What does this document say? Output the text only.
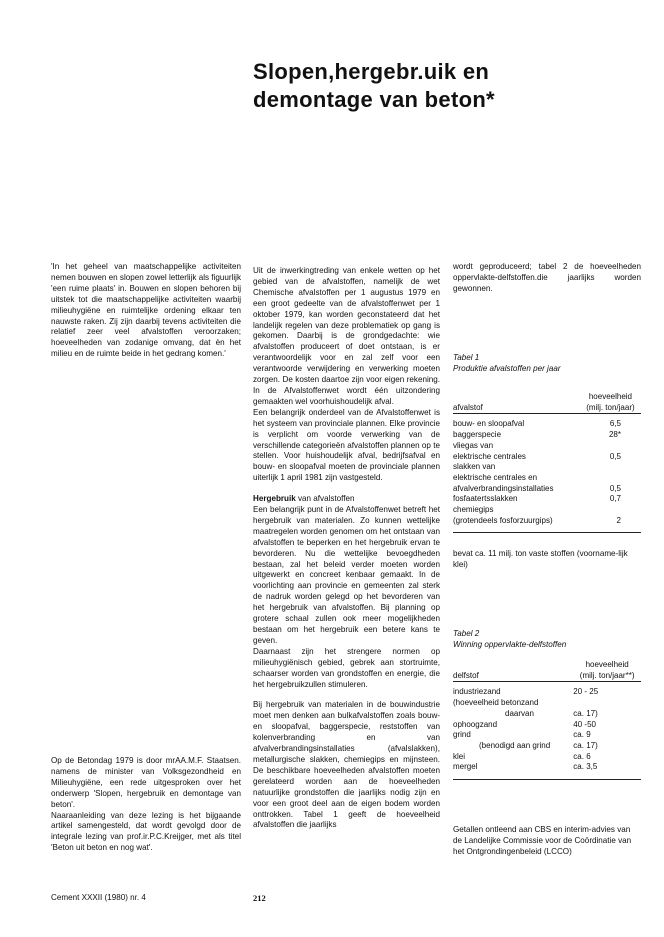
Slopen,hergebr.uik en
demontage van beton*

'In het geheel van maatschappelijke activiteiten nemen bouwen en slopen zowel letterlijk als figuurlijk 'een ruime plaats' in. Bouwen en slopen behoren bij uitstek tot die maatschappelijke activiteiten waarbij milieuhygiëne en ruimtelijke ordening elkaar ten nauwste raken. Zij zijn daarbij tevens activiteiten die relatief zeer veel afvalstoffen veroorzaken; hoeveelheden van zodanige omvang, dat èn het milieu en de ruimte beide in het gedrang komen.'

Op de Betondag 1979 is door mrAA.M.F. Staatsen. namens de minister van Volksgezondheid en Milieuhygiëne, een rede uitgesproken over het onderwerp 'Slopen, hergebruik en demontage van beton'.
Naaraanleiding van deze lezing is het bijgaande artikel samengesteld, dat wordt gevolgd door de integrale lezing van prof.ir.P.C.Kreijger, met als titel 'Beton uit beton en nog wat'.

Uit de inwerkingtreding van enkele wetten op het gebied van de afvalstoffen, namelijk de wet Chemische afvalstoffen per 1 augustus 1979 en een groot gedeelte van de afvalstoffenwet per 1 oktober 1979, kan worden geconstateerd dat het landelijk regelen van deze problematiek op gang is gekomen. Daarbij is de grondgedachte: wie afvalstoffen produceert of doet ontstaan, is er verantwoordelijk voor en zal zelf voor een verantwoorde verwijdering en verwerking moeten zorgen. De kosten daartoe zijn voor eigen rekening. In de Afvalstoffenwet wordt één uitzondering gemaakten wel voorhuishoudelijk afval.
Een belangrijk onderdeel van de Afvalstoffenwet is het systeem van provinciale plannen. Elke provincie is verplicht om voorde verwerking van de verschillende categorieën afvalstoffen plannen op te stellen. Voor huishoudelijk afval, bedrijfsafval en bouw- en sloopafval moeten de provinciale plannen uiterlijk 1 april 1981 zijn vastgesteld.

Hergebruik van afvalstoffen

Een belangrijk punt in de Afvalstoffenwet betreft het hergebruik van materialen. Zo kunnen wettelijke maatregelen worden genomen om het ontstaan van afvalstoffen te beperken en het hergebruik ervan te bevorderen. Nu die wettelijke bevoegdheden bestaan, zal het beleid verder moeten worden uitgewerkt en concreet kenbaar gemaakt. In de voorlichting aan provincie en gemeenten zal sterk de nadruk worden gelegd op het bevorderen van het hergebruik van afvalstoffen. Bij planning op grotere schaal zullen ook meer mogelijkheden bestaan om het hergebruik een betere kans te geven.
Daarnaast zijn het strengere normen op milieuhygiënisch gebied, gebrek aan stortruimte, schaarser worden van grondstoffen en energie, die het hergebruikzullen stimuleren.

Bij hergebruik van materialen in de bouwindustrie moet men denken aan bulkafvalstoffen zoals bouw- en sloopafval, baggerspecie, reststoffen van kolenverbranding en van afvalverbrandingsinstallaties (afvalslakken), metallurgische slakken, chemiegips en mijnsteen. De beschikbare hoeveelheden afvalstoffen moeten gerelateerd worden aan de hoeveelheden natuurlijke grondstoffen die jaarlijks nodig zijn en voor een groot deel aan de eigen bodem worden onttrokken. Tabel 1 geeft de hoeveelheid afvalstoffen die jaarlijks

wordt geproduceerd; tabel 2 de hoeveelheden oppervlakte-delfstoffen.die jaarlijks worden gewonnen.

Tabel 1
Produktie afvalstoffen per jaar
afvalstof	hoeveelheid
(milj. ton/jaar)

bouw- en sloopafval	6,5
baggerspecie	28*
vliegas van	
elektrische centrales	0,5
slakken van	
elektrische centrales en	
afvalverbrandingsinstallaties	0,5
fosfaatertsslakken	0,7
chemiegips	
(grotendeels fosforzuurgips)	2

bevat ca. 11 milj. ton vaste stoffen (voorname-lijk klei)
Tabel 2
Winning oppervlakte-delfstoffen
delfstof	hoeveelheid
(milj. ton/jaar**)

industriezand	20 - 25
(hoeveelheid betonzand	
daarvan	ca. 17)
ophoogzand	40 -50
grind	ca. 9
(benodigd aan grind	ca. 17)
klei	ca. 6
mergel	ca. 3,5

Getallen ontleend aan CBS en interim-advies van de Landelijke Commissie voor de Coördinatie van het Ontgrondingenbeleid (LCCO)
Cement XXXII (1980) nr. 4	212
